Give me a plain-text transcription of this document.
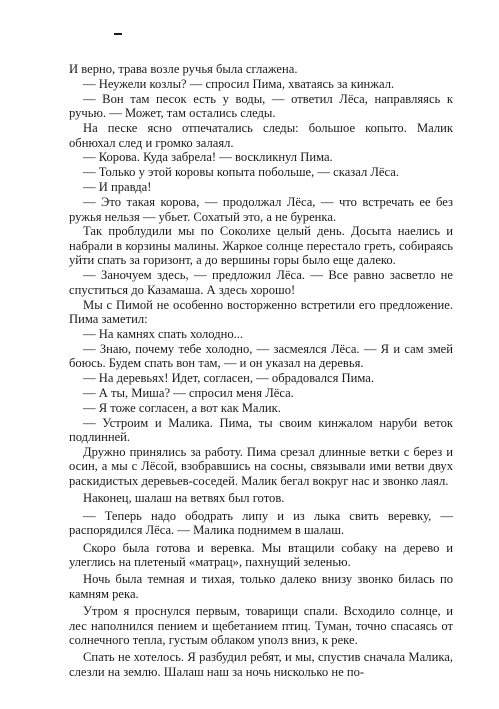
И верно, трава возле ручья была сглажена.

— Неужели козлы? — спросил Пима, хватаясь за кинжал.

— Вон там песок есть у воды, — ответил Лёса, направляясь к ручью. — Может, там остались следы.

На песке ясно отпечатались следы: большое копыто. Малик обнюхал след и громко залаял.

— Корова. Куда забрела! — воскликнул Пима.

— Только у этой коровы копыта побольше, — сказал Лёса.

— И правда!

— Это такая корова, — продолжал Лёса, — что встречать ее без ружья нельзя — убьет. Сохатый это, а не буренка.

Так проблудили мы по Соколихе целый день. Досыта наелись и набрали в корзины малины. Жаркое солнце перестало греть, собираясь уйти спать за горизонт, а до вершины горы было еще далеко.

— Заночуем здесь, — предложил Лёса. — Все равно засветло не спуститься до Казамаша. А здесь хорошо!

Мы с Пимой не особенно восторженно встретили его предложение. Пима заметил:

— На камнях спать холодно...

— Знаю, почему тебе холодно, — засмеялся Лёса. — Я и сам змей боюсь. Будем спать вон там, — и он указал на деревья.

— На деревьях! Идет, согласен, — обрадовался Пима.

— А ты, Миша? — спросил меня Лёса.

— Я тоже согласен, а вот как Малик.

— Устроим и Малика. Пима, ты своим кинжалом наруби веток подлинней.

Дружно принялись за работу. Пима срезал длинные ветки с берез и осин, а мы с Лёсой, взобравшись на сосны, связывали ими ветви двух раскидистых деревьев-соседей. Малик бегал вокруг нас и звонко лаял.

Наконец, шалаш на ветвях был готов.

— Теперь надо ободрать липу и из лыка свить веревку, — распорядился Лёса. — Малика поднимем в шалаш.

Скоро была готова и веревка. Мы втащили собаку на дерево и улеглись на плетеный «матрац», пахнущий зеленью.

Ночь была темная и тихая, только далеко внизу звонко билась по камням река.

Утром я проснулся первым, товарищи спали. Всходило солнце, и лес наполнился пением и щебетанием птиц. Туман, точно спасаясь от солнечного тепла, густым облаком уполз вниз, к реке.

Спать не хотелось. Я разбудил ребят, и мы, спустив сначала Малика, слезли на землю. Шалаш наш за ночь нисколько не по-
